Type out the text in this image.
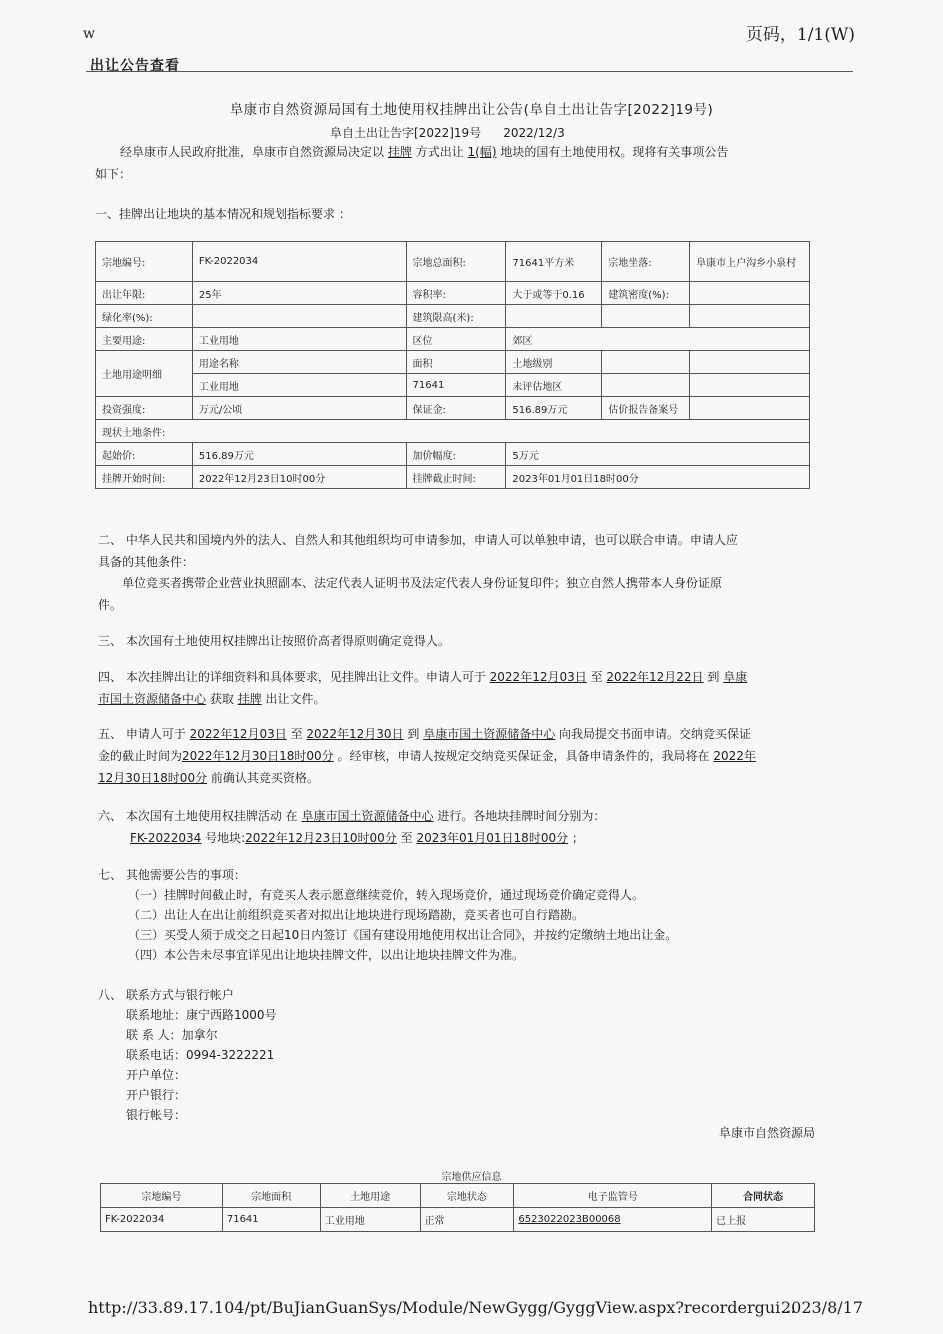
w	页码，1/1(W)
出让公告查看
阜康市自然资源局国有土地使用权挂牌出让公告(阜自土出让告字[2022]19号)
阜自土出让告字[2022]19号 2022/12/3
经阜康市人民政府批准，阜康市自然资源局决定以 挂牌 方式出让 1(幅) 地块的国有土地使用权。现将有关事项公告
如下：
一、挂牌出让地块的基本情况和规划指标要求 ：
宗地编号:	FK-2022034	宗地总面积:	71641平方米	宗地坐落:	阜康市上户沟乡小泉村
出让年限:	25年	容积率:	大于或等于0.16	建筑密度(%):	
绿化率(%):		建筑限高(米):			
主要用途:	工业用地	区位	郊区		
土地用途明细	用途名称	面积	土地级别		
	工业用地	71641	未评估地区		
投资强度:	万元/公顷	保证金:	516.89万元	估价报告备案号	
现状土地条件:					
起始价:	516.89万元	加价幅度:	5万元		
挂牌开始时间:	2022年12月23日10时00分	挂牌截止时间:	2023年01月01日18时00分		
二、 中华人民共和国境内外的法人、自然人和其他组织均可申请参加，申请人可以单独申请，也可以联合申请。申请人应
具备的其他条件：
单位竞买者携带企业营业执照副本、法定代表人证明书及法定代表人身份证复印件；独立自然人携带本人身份证原
件。
三、 本次国有土地使用权挂牌出让按照价高者得原则确定竞得人。
四、 本次挂牌出让的详细资料和具体要求，见挂牌出让文件。申请人可于 2022年12月03日 至 2022年12月22日 到 阜康
市国土资源储备中心 获取 挂牌 出让文件。
五、 申请人可于 2022年12月03日 至 2022年12月30日 到 阜康市国土资源储备中心 向我局提交书面申请。交纳竞买保证
金的截止时间为2022年12月30日18时00分 。经审核，申请人按规定交纳竞买保证金，具备申请条件的，我局将在 2022年
12月30日18时00分 前确认其竞买资格。
六、 本次国有土地使用权挂牌活动 在 阜康市国土资源储备中心 进行。各地块挂牌时间分别为：
FK-2022034 号地块:2022年12月23日10时00分 至 2023年01月01日18时00分 ；
七、 其他需要公告的事项：
（一）挂牌时间截止时，有竞买人表示愿意继续竞价，转入现场竞价，通过现场竞价确定竞得人。
（二）出让人在出让前组织竞买者对拟出让地块进行现场踏勘，竞买者也可自行踏勘。
（三）买受人须于成交之日起10日内签订《国有建设用地使用权出让合同》，并按约定缴纳土地出让金。
（四）本公告未尽事宜详见出让地块挂牌文件，以出让地块挂牌文件为准。
八、 联系方式与银行帐户
联系地址：康宁西路1000号
联 系 人：加拿尔
联系电话：0994-3222221
开户单位：
开户银行：
银行帐号：
阜康市自然资源局
宗地供应信息
宗地编号	宗地面积	土地用途	宗地状态	电子监管号	合同状态
FK-2022034	71641	工业用地	正常	6523022023B00068	已上报
http://33.89.17.104/pt/BuJianGuanSys/Module/NewGygg/GyggView.aspx?recordergui...
2023/8/17
